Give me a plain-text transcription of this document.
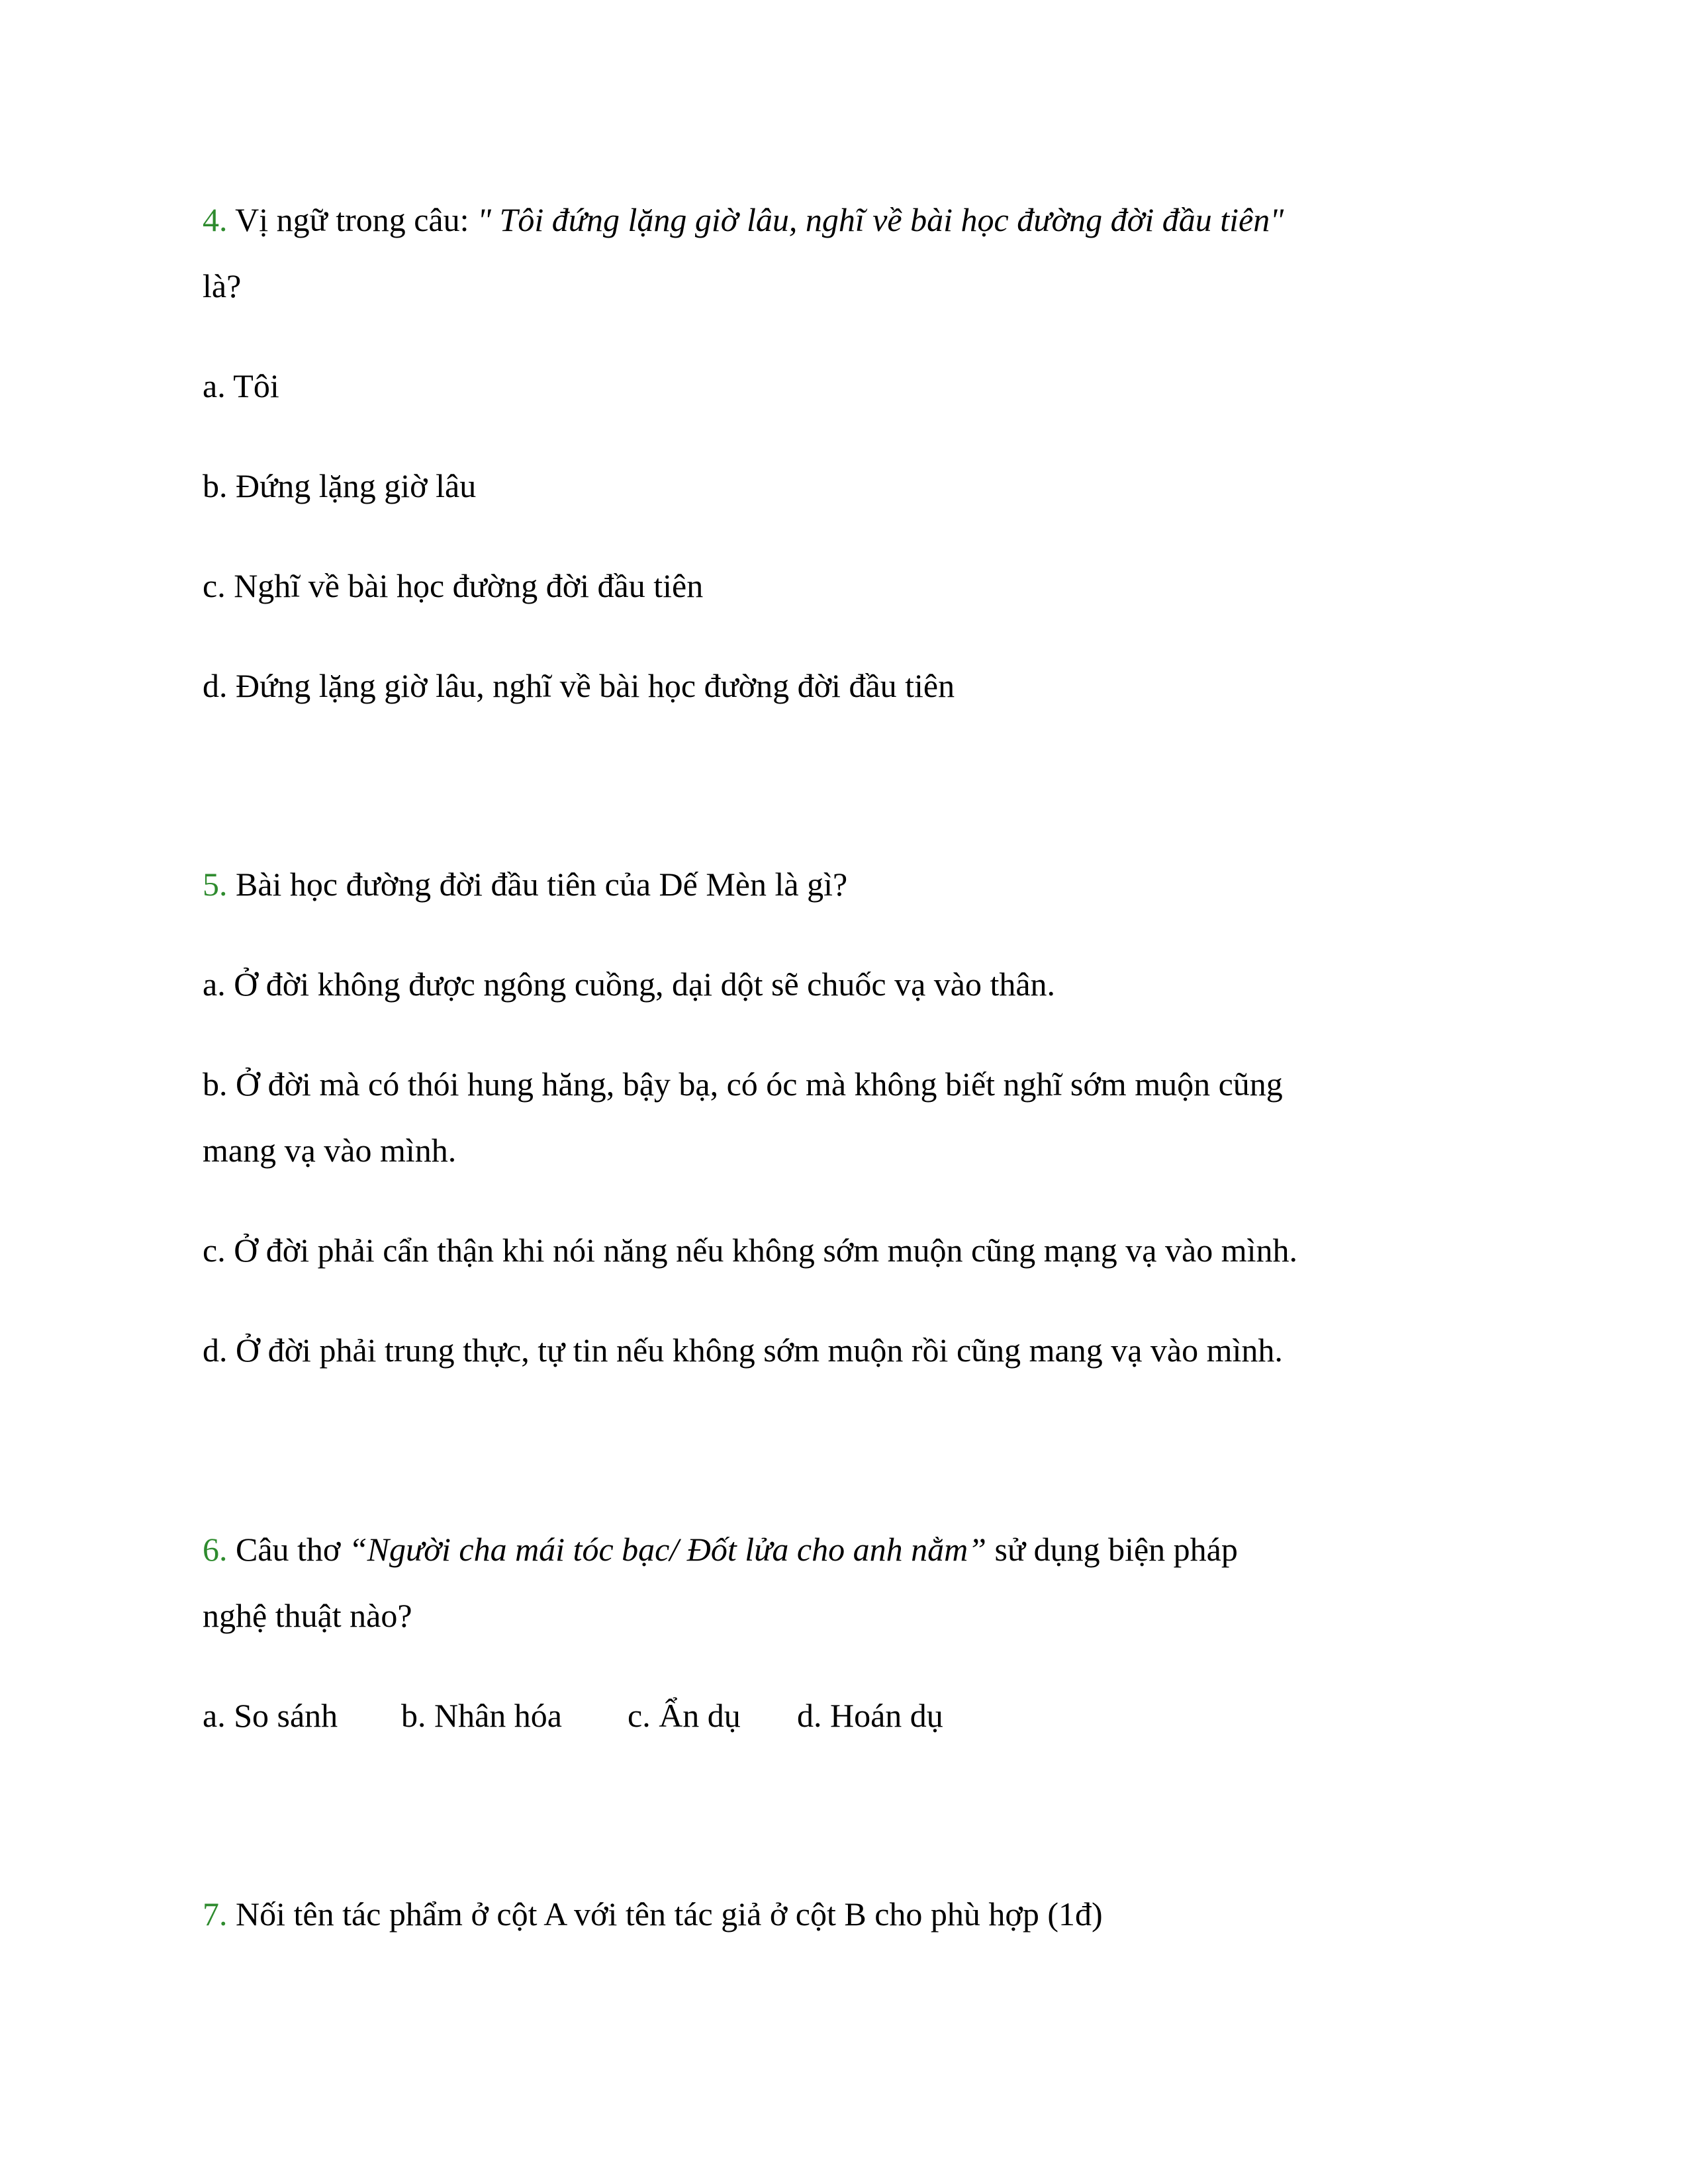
4. Vị ngữ trong câu: " Tôi đứng lặng giờ lâu, nghĩ về bài học đường đời đầu tiên"
là?
a. Tôi
b. Đứng lặng giờ lâu
c. Nghĩ về bài học đường đời đầu tiên
d. Đứng lặng giờ lâu, nghĩ về bài học đường đời đầu tiên
5. Bài học đường đời đầu tiên của Dế Mèn là gì?
a. Ở đời không được ngông cuồng, dại dột sẽ chuốc vạ vào thân.
b. Ở đời mà có thói hung hăng, bậy bạ, có óc mà không biết nghĩ sớm muộn cũng
mang vạ vào mình.
c. Ở đời phải cẩn thận khi nói năng nếu không sớm muộn cũng mạng vạ vào mình.
d. Ở đời phải trung thực, tự tin nếu không sớm muộn rồi cũng mang vạ vào mình.
6. Câu thơ “Người cha mái tóc bạc/ Đốt lửa cho anh nằm” sử dụng biện pháp
nghệ thuật nào?
a. So sánh b. Nhân hóa c. Ẩn dụ d. Hoán dụ
7. Nối tên tác phẩm ở cột A với tên tác giả ở cột B cho phù hợp (1đ)
